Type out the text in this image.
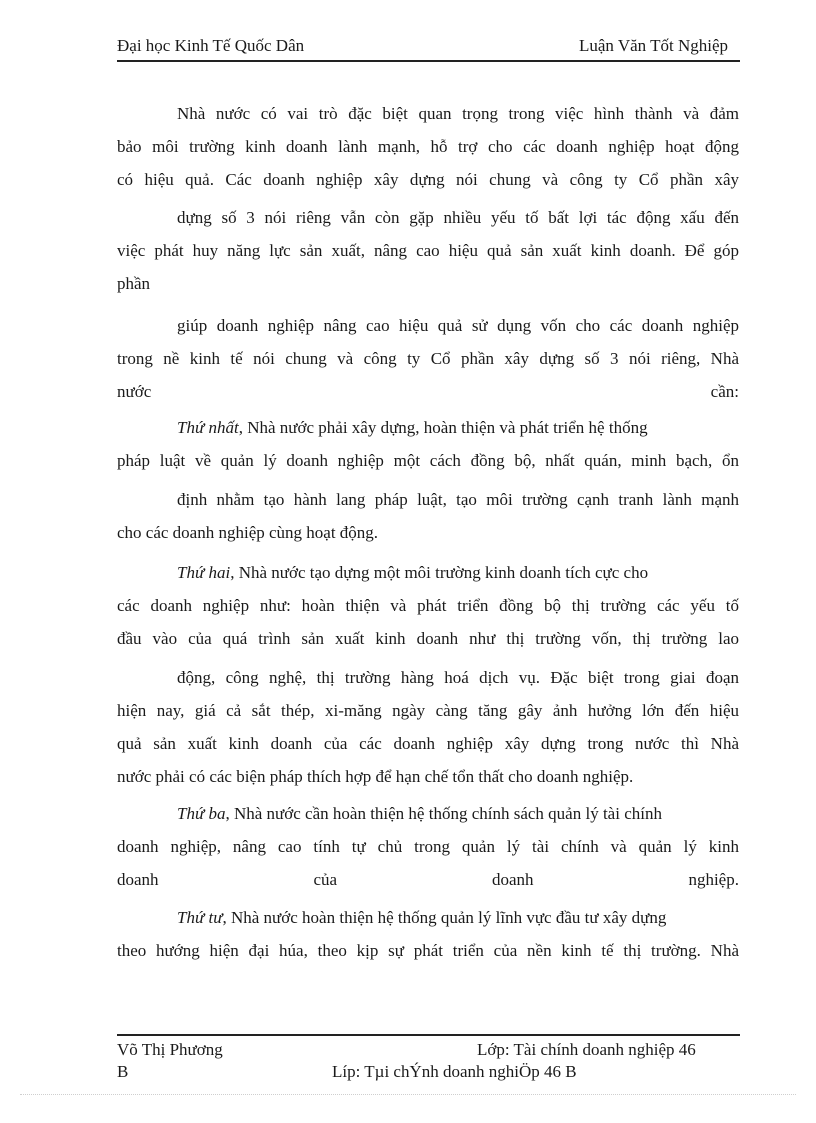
Đại học Kinh Tế Quốc Dân	Luận Văn Tốt Nghiệp
Nhà nước có vai trò đặc biệt quan trọng trong việc hình thành và đảm
bảo môi trường kinh doanh lành mạnh, hỗ trợ cho các doanh nghiệp hoạt động
có hiệu quả. Các doanh nghiệp xây dựng nói chung và công ty Cổ phần xây
dựng số 3 nói riêng vẫn còn gặp nhiều yếu tố bất lợi tác động xấu đến
việc phát huy năng lực sản xuất, nâng cao hiệu quả sản xuất kinh doanh. Để góp
phần
giúp doanh nghiệp nâng cao hiệu quả sử dụng vốn cho các doanh nghiệp
trong nề kinh tế nói chung và công ty Cổ phần xây dựng số 3 nói riêng, Nhà
nước	cần:
Thứ nhất, Nhà nước phải xây dựng, hoàn thiện và phát triển hệ thống
pháp luật về quản lý doanh nghiệp một cách đồng bộ, nhất quán, minh bạch, ổn
định nhằm tạo hành lang pháp luật, tạo môi trường cạnh tranh lành mạnh
cho các doanh nghiệp cùng hoạt động.
Thứ hai, Nhà nước tạo dựng một môi trường kinh doanh tích cực cho
các doanh nghiệp như: hoàn thiện và phát triển đồng bộ thị trường các yếu tố
đầu vào của quá trình sản xuất kinh doanh như thị trường vốn, thị trường lao
động, công nghệ, thị trường hàng hoá dịch vụ. Đặc biệt trong giai đoạn
hiện nay, giá cả sắt thép, xi-măng ngày càng tăng gây ảnh hưởng lớn đến hiệu
quả sản xuất kinh doanh của các doanh nghiệp xây dựng trong nước thì Nhà
nước phải có các biện pháp thích hợp để hạn chế tổn thất cho doanh nghiệp.
Thứ ba, Nhà nước cần hoàn thiện hệ thống chính sách quản lý tài chính
doanh nghiệp, nâng cao tính tự chủ trong quản lý tài chính và quản lý kinh
doanh	của	doanh	nghiệp.
Thứ tư, Nhà nước hoàn thiện hệ thống quản lý lĩnh vực đầu tư xây dựng
theo hướng hiện đại húa, theo kịp sự phát triển của nền kinh tế thị trường. Nhà
Võ Thị Phương	Lớp: Tài chính doanh nghiệp 46
B	Líp: Tµi chÝnh doanh nghiÖp 46 B
